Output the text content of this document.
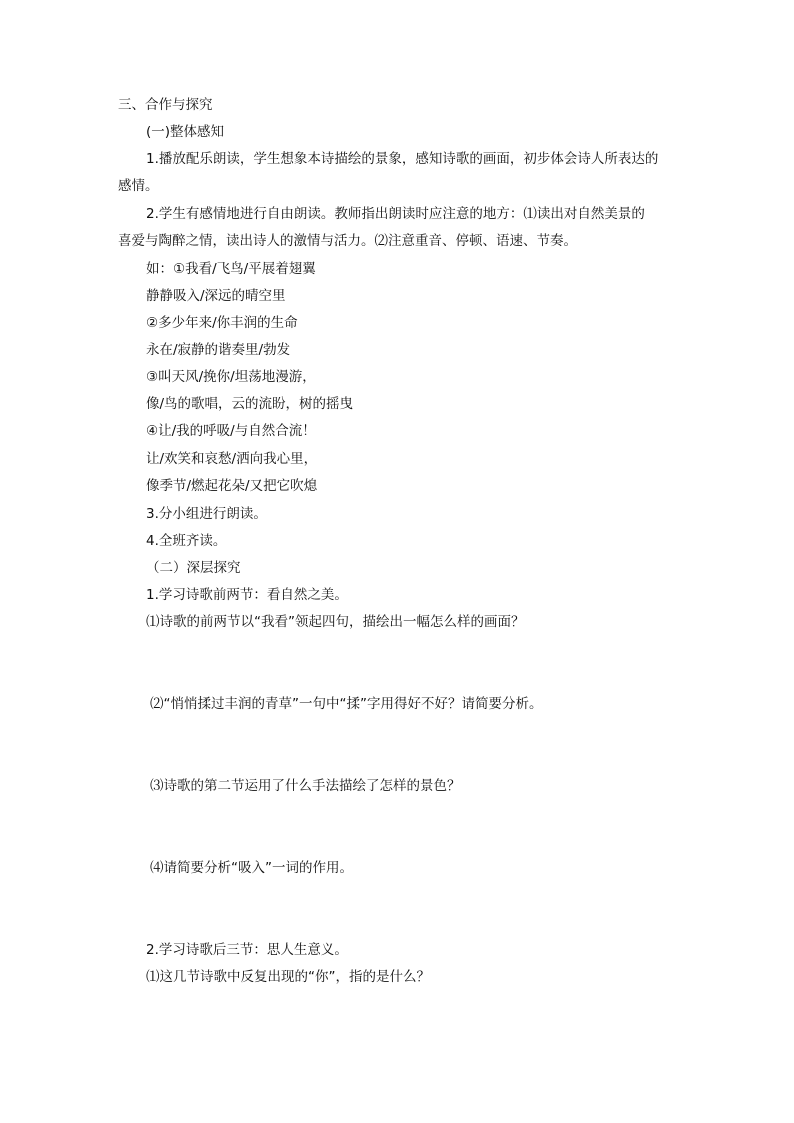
三、合作与探究
(一)整体感知
1.播放配乐朗读，学生想象本诗描绘的景象，感知诗歌的画面，初步体会诗人所表达的
感情。
2.学生有感情地进行自由朗读。教师指出朗读时应注意的地方：⑴读出对自然美景的
喜爱与陶醉之情，读出诗人的激情与活力。⑵注意重音、停顿、语速、节奏。
如：①我看/飞鸟/平展着翅翼
静静吸入/深远的晴空里
②多少年来/你丰润的生命
永在/寂静的谐奏里/勃发
③叫天风/挽你/坦荡地漫游，
像/鸟的歌唱，云的流盼，树的摇曳
④让/我的呼吸/与自然合流！
让/欢笑和哀愁/洒向我心里，
像季节/燃起花朵/又把它吹熄
3.分小组进行朗读。
4.全班齐读。
（二）深层探究
1.学习诗歌前两节：看自然之美。
⑴诗歌的前两节以“我看”领起四句，描绘出一幅怎么样的画面？
⑵“悄悄揉过丰润的青草”一句中“揉”字用得好不好？请简要分析。
⑶诗歌的第二节运用了什么手法描绘了怎样的景色？
⑷请简要分析“吸入”一词的作用。
2.学习诗歌后三节：思人生意义。
⑴这几节诗歌中反复出现的“你”，指的是什么？
